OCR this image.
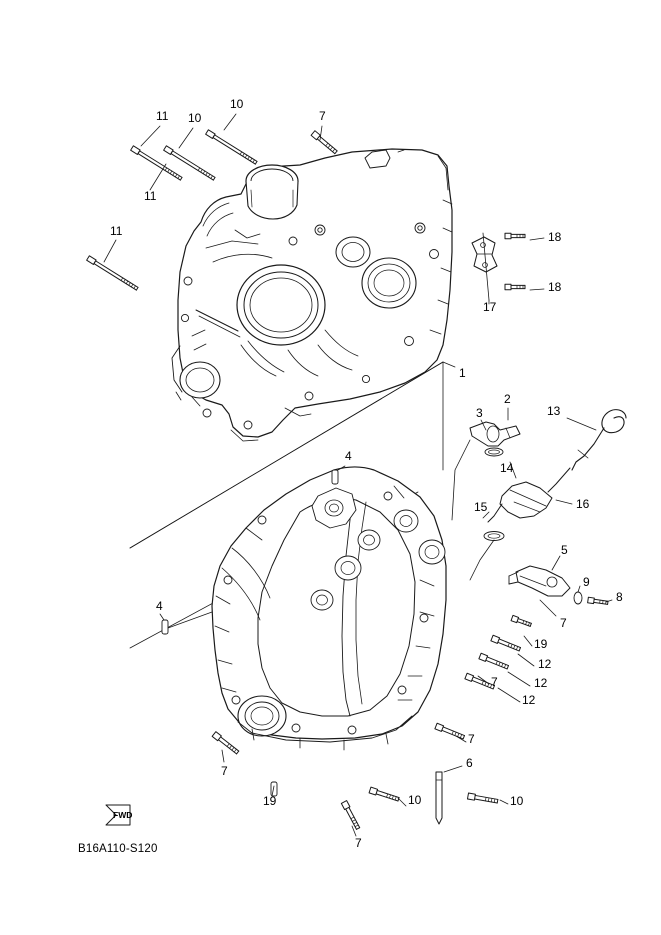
11
10
10	7
11
18
18
11
17
1
3
2
13
14
16
15
4
5
9
8
4
7
19
12
12
12
7
7
6
7
19	10	10
7
FWD
B16A110-S120
